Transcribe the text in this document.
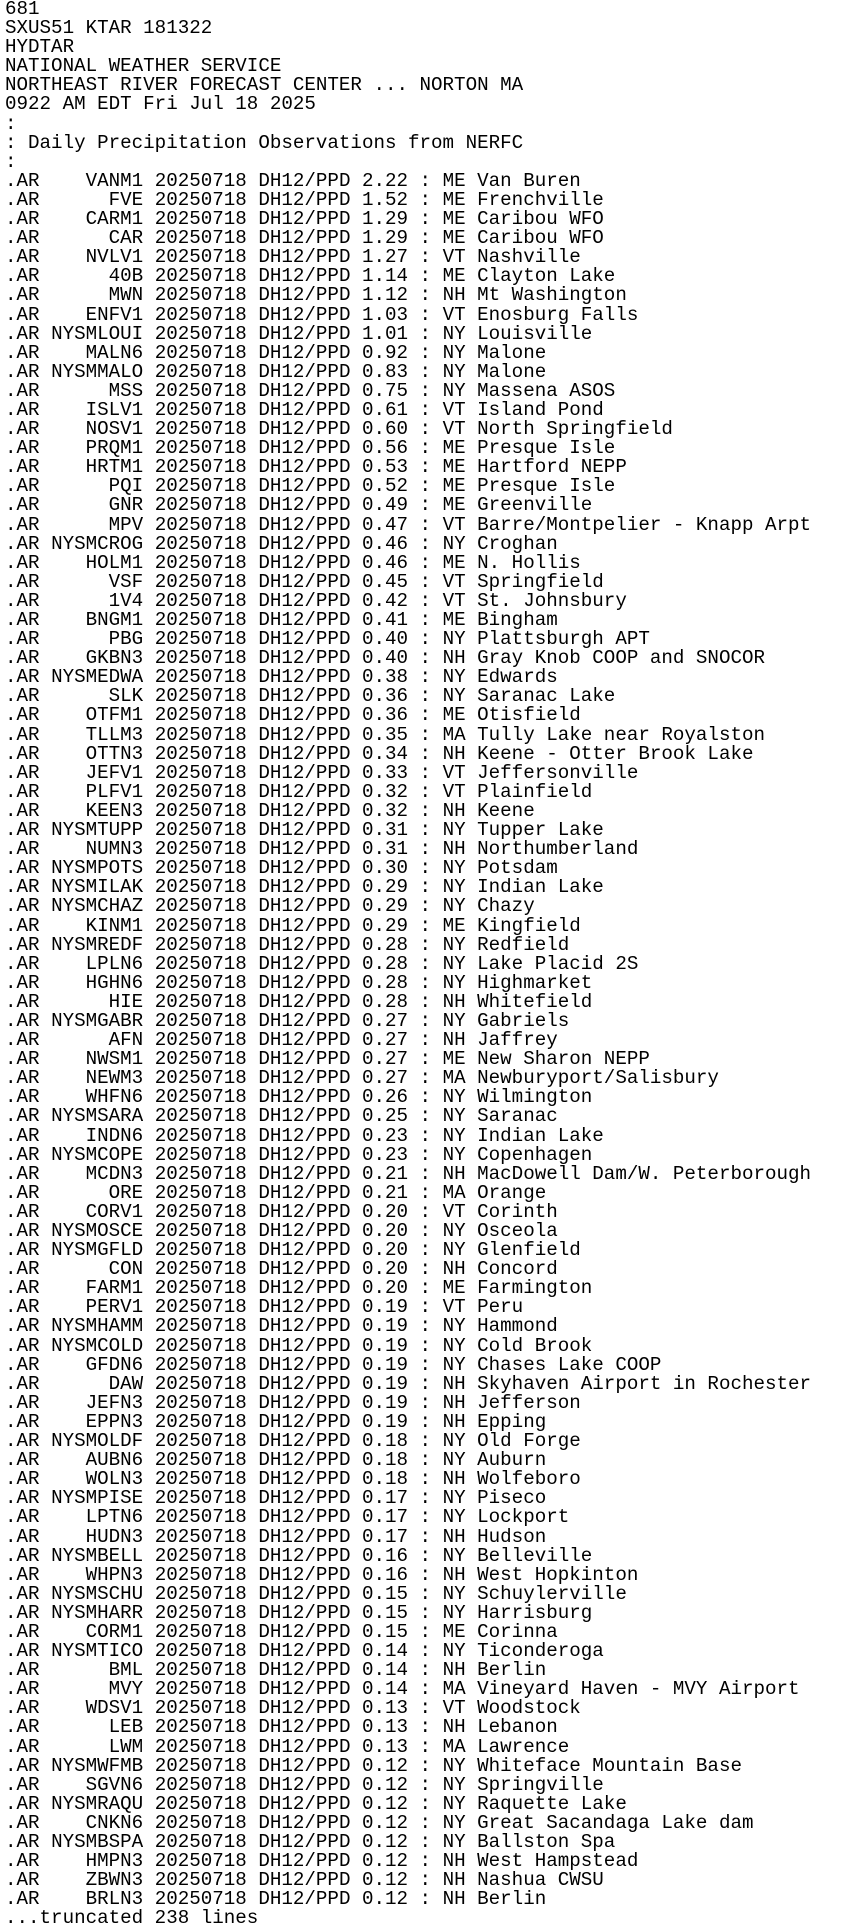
681
SXUS51 KTAR 181322
HYDTAR
NATIONAL WEATHER SERVICE
NORTHEAST RIVER FORECAST CENTER ... NORTON MA
0922 AM EDT Fri Jul 18 2025
:
: Daily Precipitation Observations from NERFC
:
.AR VANM1 20250718 DH12/PPD 2.22 : ME Van Buren
.AR	FVE 20250718 DH12/PPD 1.52 : ME Frenchville
.AR CARM1 20250718 DH12/PPD 1.29 : ME Caribou WFO
.AR	CAR 20250718 DH12/PPD 1.29 : ME Caribou WFO
.AR NVLV1 20250718 DH12/PPD 1.27 : VT Nashville
.AR	40B 20250718 DH12/PPD 1.14 : ME Clayton Lake
.AR	MWN 20250718 DH12/PPD 1.12 : NH Mt Washington
.AR ENFV1 20250718 DH12/PPD 1.03 : VT Enosburg Falls
.AR NYSMLOUI 20250718 DH12/PPD 1.01 : NY Louisville
.AR MALN6 20250718 DH12/PPD 0.92 : NY Malone
.AR NYSMMALO 20250718 DH12/PPD 0.83 : NY Malone
.AR	MSS 20250718 DH12/PPD 0.75 : NY Massena ASOS
.AR ISLV1 20250718 DH12/PPD 0.61 : VT Island Pond
.AR NOSV1 20250718 DH12/PPD 0.60 : VT North Springfield
.AR PRQM1 20250718 DH12/PPD 0.56 : ME Presque Isle
.AR HRTM1 20250718 DH12/PPD 0.53 : ME Hartford NEPP
.AR	PQI 20250718 DH12/PPD 0.52 : ME Presque Isle
.AR	GNR 20250718 DH12/PPD 0.49 : ME Greenville
.AR	MPV 20250718 DH12/PPD 0.47 : VT Barre/Montpelier - Knapp Arpt
.AR NYSMCROG 20250718 DH12/PPD 0.46 : NY Croghan
.AR HOLM1 20250718 DH12/PPD 0.46 : ME N. Hollis
.AR	VSF 20250718 DH12/PPD 0.45 : VT Springfield
.AR	1V4 20250718 DH12/PPD 0.42 : VT St. Johnsbury
.AR BNGM1 20250718 DH12/PPD 0.41 : ME Bingham
.AR	PBG 20250718 DH12/PPD 0.40 : NY Plattsburgh APT
.AR GKBN3 20250718 DH12/PPD 0.40 : NH Gray Knob COOP and SNOCOR
.AR NYSMEDWA 20250718 DH12/PPD 0.38 : NY Edwards
.AR	SLK 20250718 DH12/PPD 0.36 : NY Saranac Lake
.AR OTFM1 20250718 DH12/PPD 0.36 : ME Otisfield
.AR TLLM3 20250718 DH12/PPD 0.35 : MA Tully Lake near Royalston
.AR OTTN3 20250718 DH12/PPD 0.34 : NH Keene - Otter Brook Lake
.AR JEFV1 20250718 DH12/PPD 0.33 : VT Jeffersonville
.AR PLFV1 20250718 DH12/PPD 0.32 : VT Plainfield
.AR KEEN3 20250718 DH12/PPD 0.32 : NH Keene
.AR NYSMTUPP 20250718 DH12/PPD 0.31 : NY Tupper Lake
.AR NUMN3 20250718 DH12/PPD 0.31 : NH Northumberland
.AR NYSMPOTS 20250718 DH12/PPD 0.30 : NY Potsdam
.AR NYSMILAK 20250718 DH12/PPD 0.29 : NY Indian Lake
.AR NYSMCHAZ 20250718 DH12/PPD 0.29 : NY Chazy
.AR KINM1 20250718 DH12/PPD 0.29 : ME Kingfield
.AR NYSMREDF 20250718 DH12/PPD 0.28 : NY Redfield
.AR LPLN6 20250718 DH12/PPD 0.28 : NY Lake Placid 2S
.AR HGHN6 20250718 DH12/PPD 0.28 : NY Highmarket
.AR	HIE 20250718 DH12/PPD 0.28 : NH Whitefield
.AR NYSMGABR 20250718 DH12/PPD 0.27 : NY Gabriels
.AR	AFN 20250718 DH12/PPD 0.27 : NH Jaffrey
.AR NWSM1 20250718 DH12/PPD 0.27 : ME New Sharon NEPP
.AR NEWM3 20250718 DH12/PPD 0.27 : MA Newburyport/Salisbury
.AR WHFN6 20250718 DH12/PPD 0.26 : NY Wilmington
.AR NYSMSARA 20250718 DH12/PPD 0.25 : NY Saranac
.AR INDN6 20250718 DH12/PPD 0.23 : NY Indian Lake
.AR NYSMCOPE 20250718 DH12/PPD 0.23 : NY Copenhagen
.AR MCDN3 20250718 DH12/PPD 0.21 : NH MacDowell Dam/W. Peterborough
.AR	ORE 20250718 DH12/PPD 0.21 : MA Orange
.AR CORV1 20250718 DH12/PPD 0.20 : VT Corinth
.AR NYSMOSCE 20250718 DH12/PPD 0.20 : NY Osceola
.AR NYSMGFLD 20250718 DH12/PPD 0.20 : NY Glenfield
.AR	CON 20250718 DH12/PPD 0.20 : NH Concord
.AR FARM1 20250718 DH12/PPD 0.20 : ME Farmington
.AR PERV1 20250718 DH12/PPD 0.19 : VT Peru
.AR NYSMHAMM 20250718 DH12/PPD 0.19 : NY Hammond
.AR NYSMCOLD 20250718 DH12/PPD 0.19 : NY Cold Brook
.AR GFDN6 20250718 DH12/PPD 0.19 : NY Chases Lake COOP
.AR	DAW 20250718 DH12/PPD 0.19 : NH Skyhaven Airport in Rochester
.AR JEFN3 20250718 DH12/PPD 0.19 : NH Jefferson
.AR EPPN3 20250718 DH12/PPD 0.19 : NH Epping
.AR NYSMOLDF 20250718 DH12/PPD 0.18 : NY Old Forge
.AR AUBN6 20250718 DH12/PPD 0.18 : NY Auburn
.AR WOLN3 20250718 DH12/PPD 0.18 : NH Wolfeboro
.AR NYSMPISE 20250718 DH12/PPD 0.17 : NY Piseco
.AR LPTN6 20250718 DH12/PPD 0.17 : NY Lockport
.AR HUDN3 20250718 DH12/PPD 0.17 : NH Hudson
.AR NYSMBELL 20250718 DH12/PPD 0.16 : NY Belleville
.AR WHPN3 20250718 DH12/PPD 0.16 : NH West Hopkinton
.AR NYSMSCHU 20250718 DH12/PPD 0.15 : NY Schuylerville
.AR NYSMHARR 20250718 DH12/PPD 0.15 : NY Harrisburg
.AR CORM1 20250718 DH12/PPD 0.15 : ME Corinna
.AR NYSMTICO 20250718 DH12/PPD 0.14 : NY Ticonderoga
.AR	BML 20250718 DH12/PPD 0.14 : NH Berlin
.AR	MVY 20250718 DH12/PPD 0.14 : MA Vineyard Haven - MVY Airport
.AR WDSV1 20250718 DH12/PPD 0.13 : VT Woodstock
.AR	LEB 20250718 DH12/PPD 0.13 : NH Lebanon
.AR	LWM 20250718 DH12/PPD 0.13 : MA Lawrence
.AR NYSMWFMB 20250718 DH12/PPD 0.12 : NY Whiteface Mountain Base
.AR SGVN6 20250718 DH12/PPD 0.12 : NY Springville
.AR NYSMRAQU 20250718 DH12/PPD 0.12 : NY Raquette Lake
.AR CNKN6 20250718 DH12/PPD 0.12 : NY Great Sacandaga Lake dam
.AR NYSMBSPA 20250718 DH12/PPD 0.12 : NY Ballston Spa
.AR HMPN3 20250718 DH12/PPD 0.12 : NH West Hampstead
.AR ZBWN3 20250718 DH12/PPD 0.12 : NH Nashua CWSU
.AR BRLN3 20250718 DH12/PPD 0.12 : NH Berlin
...truncated 238 lines
